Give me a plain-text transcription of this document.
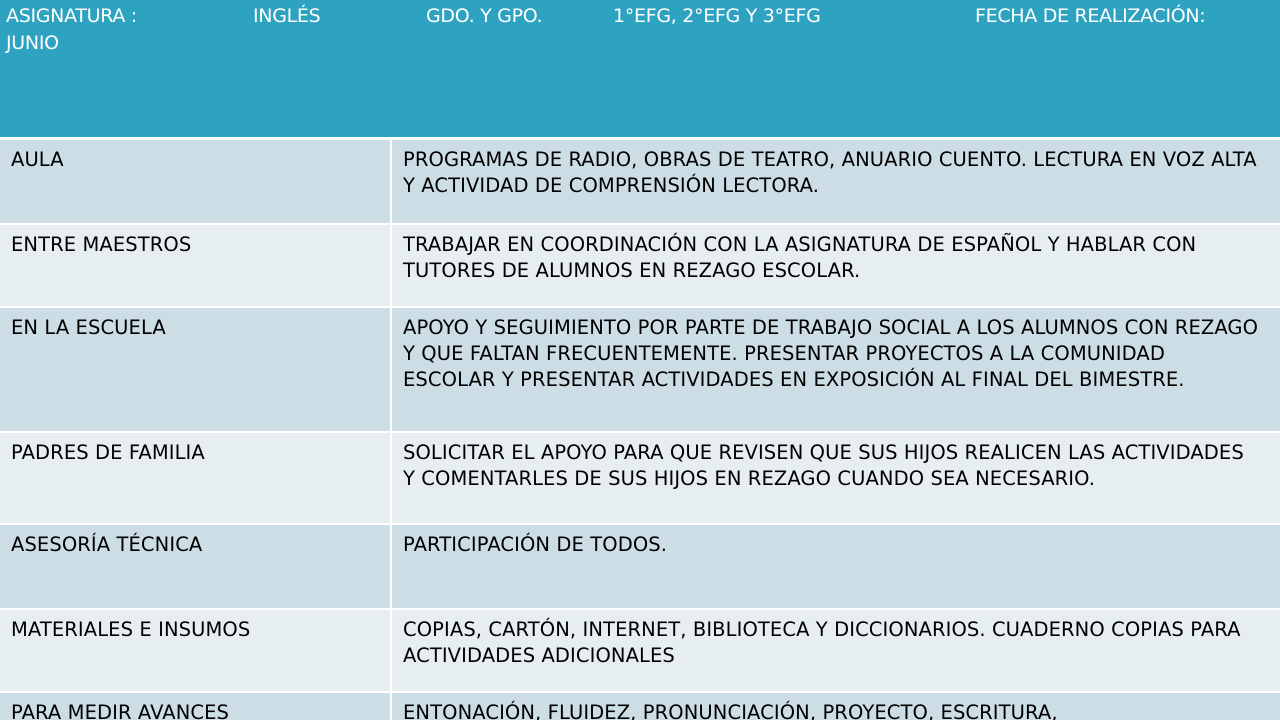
ASIGNATURA :	INGLÉS	GDO. Y GPO.	1°EFG, 2°EFG Y 3°EFG	FECHA DE REALIZACIÓN:
JUNIO
AULA	PROGRAMAS DE RADIO, OBRAS DE TEATRO, ANUARIO CUENTO. LECTURA EN VOZ ALTA Y ACTIVIDAD DE COMPRENSIÓN LECTORA.
ENTRE MAESTROS	TRABAJAR EN COORDINACIÓN CON LA ASIGNATURA DE ESPAÑOL Y HABLAR CON TUTORES DE ALUMNOS EN REZAGO ESCOLAR.
EN LA ESCUELA	APOYO Y SEGUIMIENTO POR PARTE DE TRABAJO SOCIAL A LOS ALUMNOS CON REZAGO Y QUE FALTAN FRECUENTEMENTE. PRESENTAR PROYECTOS A LA COMUNIDAD ESCOLAR Y PRESENTAR ACTIVIDADES EN EXPOSICIÓN AL FINAL DEL BIMESTRE.
PADRES DE FAMILIA	SOLICITAR EL APOYO PARA QUE REVISEN QUE SUS HIJOS REALICEN LAS ACTIVIDADES Y COMENTARLES DE SUS HIJOS EN REZAGO CUANDO SEA NECESARIO.
ASESORÍA TÉCNICA	PARTICIPACIÓN DE TODOS.
MATERIALES E INSUMOS	COPIAS, CARTÓN, INTERNET, BIBLIOTECA Y DICCIONARIOS. CUADERNO COPIAS PARA ACTIVIDADES ADICIONALES
PARA MEDIR AVANCES	ENTONACIÓN, FLUIDEZ, PRONUNCIACIÓN, PROYECTO, ESCRITURA,
